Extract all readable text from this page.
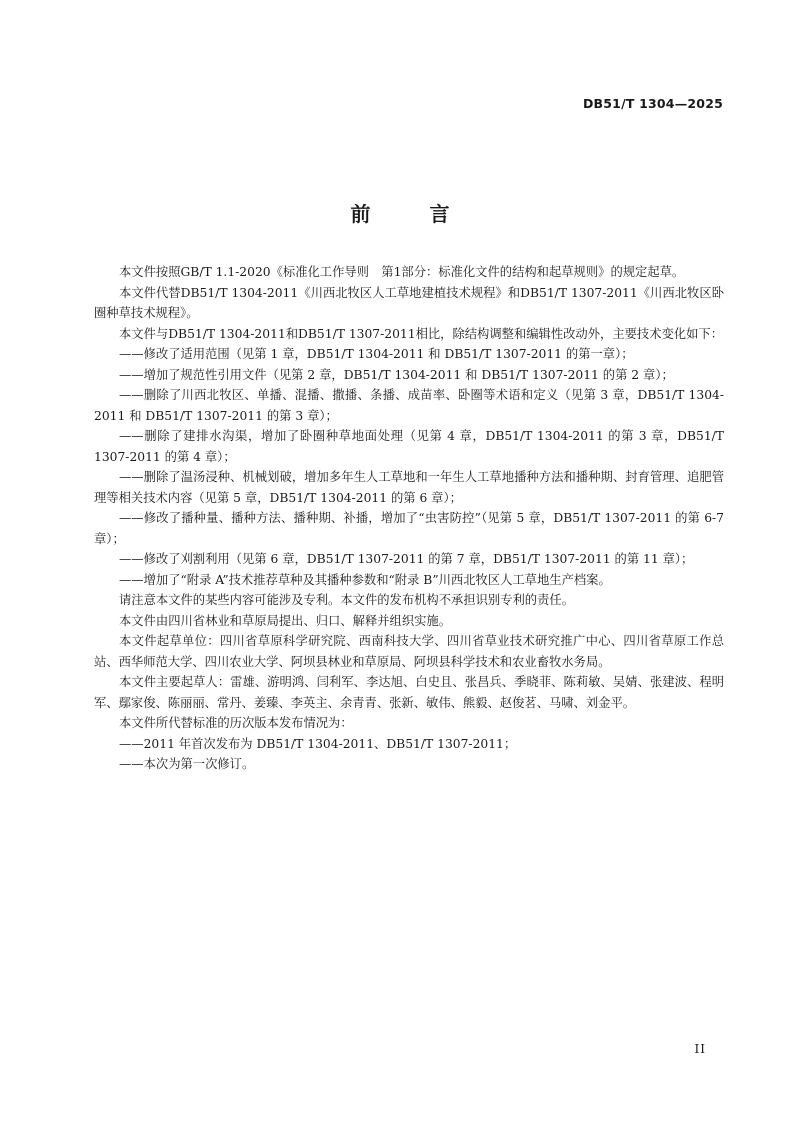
DB51/T 1304—2025
前 言

本文件按照GB/T 1.1-2020《标准化工作导则　第1部分：标准化文件的结构和起草规则》的规定起草。

本文件代替DB51/T 1304-2011《川西北牧区人工草地建植技术规程》和DB51/T 1307-2011《川西北牧区卧圈种草技术规程》。

本文件与DB51/T 1304-2011和DB51/T 1307-2011相比，除结构调整和编辑性改动外，主要技术变化如下：

——修改了适用范围（见第 1 章，DB51/T 1304-2011 和 DB51/T 1307-2011 的第一章）；

——增加了规范性引用文件（见第 2 章，DB51/T 1304-2011 和 DB51/T 1307-2011 的第 2 章）；

——删除了川西北牧区、单播、混播、撒播、条播、成苗率、卧圈等术语和定义（见第 3 章，DB51/T 1304-2011 和 DB51/T 1307-2011 的第 3 章）；

——删除了建排水沟渠，增加了卧圈种草地面处理（见第 4 章，DB51/T 1304-2011 的第 3 章，DB51/T 1307-2011 的第 4 章）；

——删除了温汤浸种、机械划破，增加多年生人工草地和一年生人工草地播种方法和播种期、封育管理、追肥管理等相关技术内容（见第 5 章，DB51/T 1304-2011 的第 6 章）；

——修改了播种量、播种方法、播种期、补播，增加了“虫害防控”（见第 5 章，DB51/T 1307-2011 的第 6-7 章）；

——修改了刈割利用（见第 6 章，DB51/T 1307-2011 的第 7 章，DB51/T 1307-2011 的第 11 章）；

——增加了“附录 A”技术推荐草种及其播种参数和“附录 B”川西北牧区人工草地生产档案。

请注意本文件的某些内容可能涉及专利。本文件的发布机构不承担识别专利的责任。

本文件由四川省林业和草原局提出、归口、解释并组织实施。

本文件起草单位：四川省草原科学研究院、西南科技大学、四川省草业技术研究推广中心、四川省草原工作总站、西华师范大学、四川农业大学、阿坝县林业和草原局、阿坝县科学技术和农业畜牧水务局。

本文件主要起草人：雷雄、游明鸿、闫利军、李达旭、白史且、张昌兵、季晓菲、陈莉敏、吴婧、张建波、程明军、鄢家俊、陈丽丽、常丹、姜臻、李英主、余青青、张新、敏伟、熊毅、赵俊茗、马啸、刘金平。

本文件所代替标准的历次版本发布情况为：

——2011 年首次发布为 DB51/T 1304-2011、DB51/T 1307-2011；

——本次为第一次修订。

II
